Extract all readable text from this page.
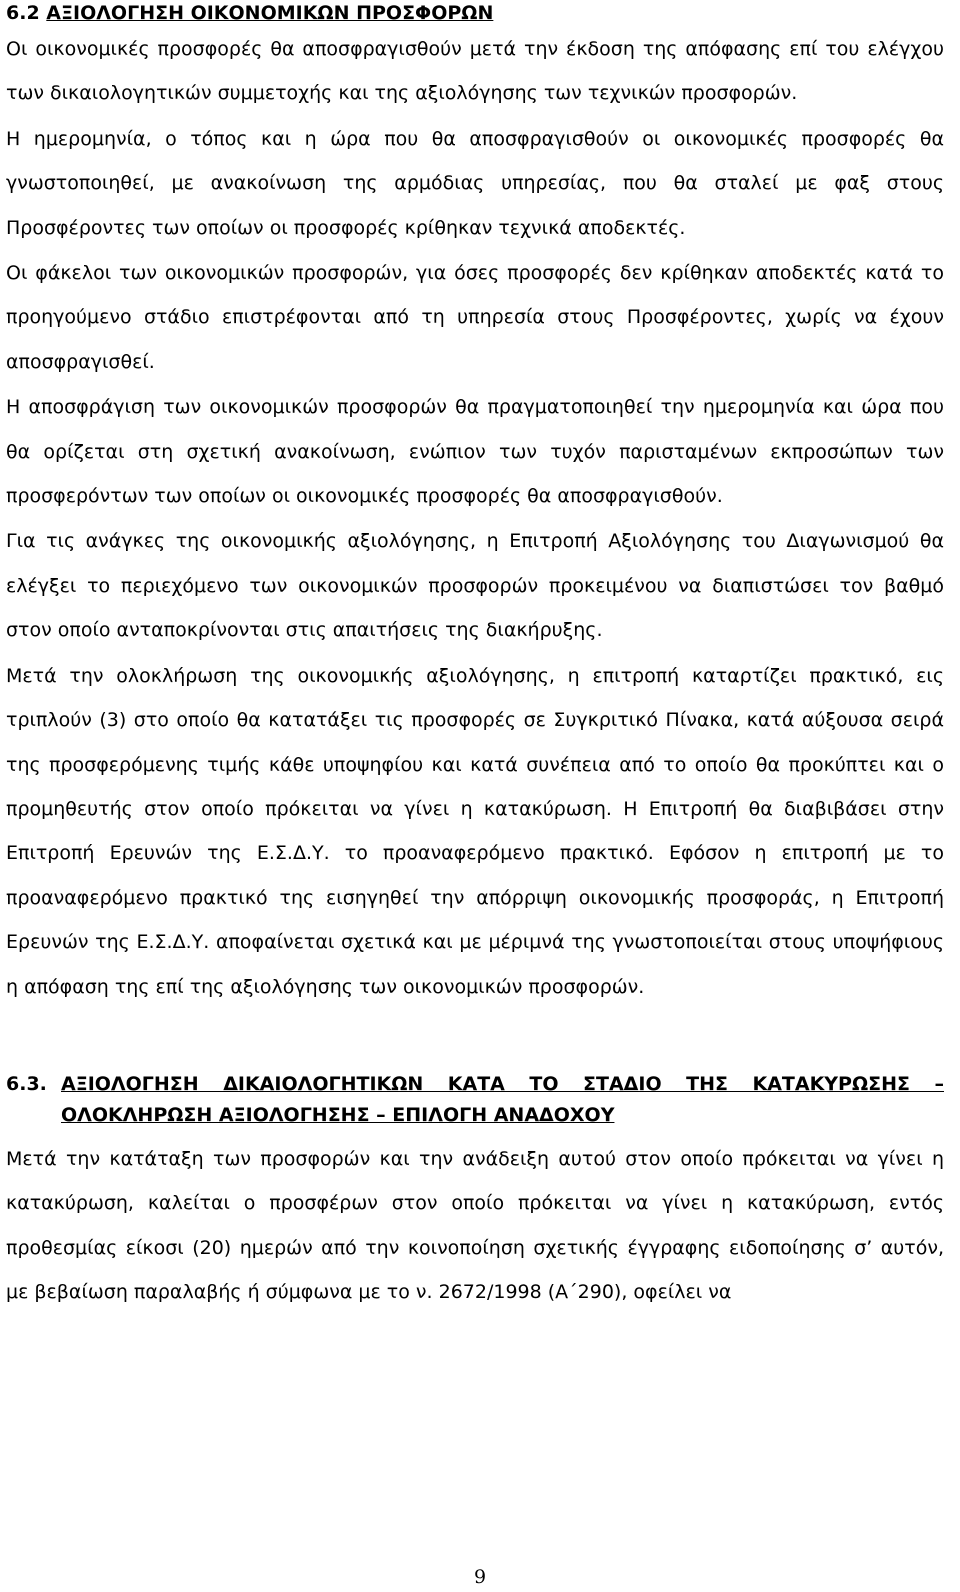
6.2 ΑΞΙΟΛΟΓΗΣΗ ΟΙΚΟΝΟΜΙΚΩΝ ΠΡΟΣΦΟΡΩΝ

Οι οικονομικές προσφορές θα αποσφραγισθούν μετά την έκδοση της απόφασης επί του ελέγχου των δικαιολογητικών συμμετοχής και της αξιολόγησης των τεχνικών προσφορών.

Η ημερομηνία, ο τόπος και η ώρα που θα αποσφραγισθούν οι οικονομικές προσφορές θα γνωστοποιηθεί, με ανακοίνωση της αρμόδιας υπηρεσίας, που θα σταλεί με φαξ στους Προσφέροντες των οποίων οι προσφορές κρίθηκαν τεχνικά αποδεκτές.

Οι φάκελοι των οικονομικών προσφορών, για όσες προσφορές δεν κρίθηκαν αποδεκτές κατά το προηγούμενο στάδιο επιστρέφονται από τη υπηρεσία στους Προσφέροντες, χωρίς να έχουν αποσφραγισθεί.

Η αποσφράγιση των οικονομικών προσφορών θα πραγματοποιηθεί την ημερομηνία και ώρα που θα ορίζεται στη σχετική ανακοίνωση, ενώπιον των τυχόν παρισταμένων εκπροσώπων των προσφερόντων των οποίων οι οικονομικές προσφορές θα αποσφραγισθούν.

Για τις ανάγκες της οικονομικής αξιολόγησης, η Επιτροπή Αξιολόγησης του Διαγωνισμού θα ελέγξει το περιεχόμενο των οικονομικών προσφορών προκειμένου να διαπιστώσει τον βαθμό στον οποίο ανταποκρίνονται στις απαιτήσεις της διακήρυξης.

Μετά την ολοκλήρωση της οικονομικής αξιολόγησης, η επιτροπή καταρτίζει πρακτικό, εις τριπλούν (3) στο οποίο θα κατατάξει τις προσφορές σε Συγκριτικό Πίνακα, κατά αύξουσα σειρά της προσφερόμενης τιμής κάθε υποψηφίου και κατά συνέπεια από το οποίο θα προκύπτει και ο προμηθευτής στον οποίο πρόκειται να γίνει η κατακύρωση. Η Επιτροπή θα διαβιβάσει στην Επιτροπή Ερευνών της Ε.Σ.Δ.Υ. το προαναφερόμενο πρακτικό. Εφόσον η επιτροπή με το προαναφερόμενο πρακτικό της εισηγηθεί την απόρριψη οικονομικής προσφοράς, η Επιτροπή Ερευνών της Ε.Σ.Δ.Υ. αποφαίνεται σχετικά και με μέριμνά της γνωστοποιείται στους υποψήφιους η απόφαση της επί της αξιολόγησης των οικονομικών προσφορών.

6.3. ΑΞΙΟΛΟΓΗΣΗ ΔΙΚΑΙΟΛΟΓΗΤΙΚΩΝ ΚΑΤΑ ΤΟ ΣΤΑΔΙΟ ΤΗΣ ΚΑΤΑΚΥΡΩΣΗΣ – ΟΛΟΚΛΗΡΩΣΗ ΑΞΙΟΛΟΓΗΣΗΣ – ΕΠΙΛΟΓΗ ΑΝΑΔΟΧΟΥ

Μετά την κατάταξη των προσφορών και την ανάδειξη αυτού στον οποίο πρόκειται να γίνει η κατακύρωση, καλείται ο προσφέρων στον οποίο πρόκειται να γίνει η κατακύρωση, εντός προθεσμίας είκοσι (20) ημερών από την κοινοποίηση σχετικής έγγραφης ειδοποίησης σ’ αυτόν, με βεβαίωση παραλαβής ή σύμφωνα με το ν. 2672/1998 (Α΄290), οφείλει να

9
